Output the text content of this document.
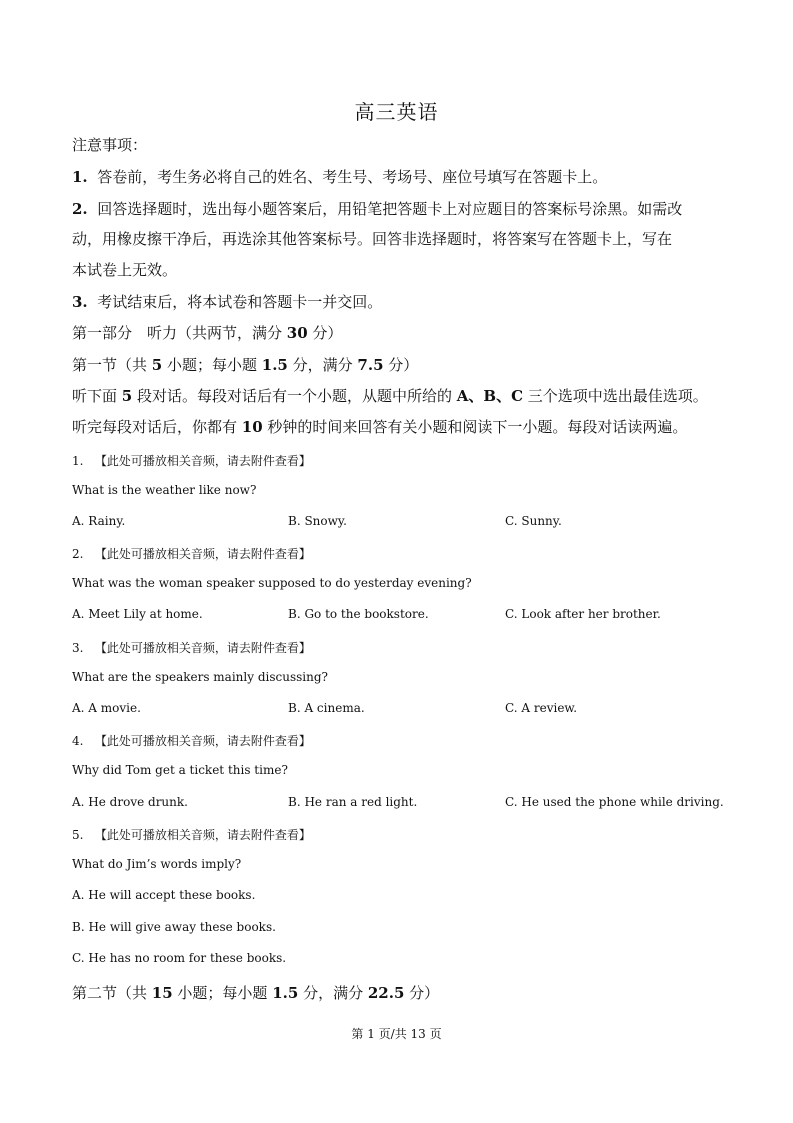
高三英语
注意事项：
1. 答卷前，考生务必将自己的姓名、考生号、考场号、座位号填写在答题卡上。
2. 回答选择题时，选出每小题答案后，用铅笔把答题卡上对应题目的答案标号涂黑。如需改
动，用橡皮擦干净后，再选涂其他答案标号。回答非选择题时，将答案写在答题卡上，写在
本试卷上无效。
3. 考试结束后，将本试卷和答题卡一并交回。
第一部分　听力（共两节，满分 30 分）
第一节（共 5 小题；每小题 1.5 分，满分 7.5 分）
听下面 5 段对话。每段对话后有一个小题，从题中所给的 A、B、C 三个选项中选出最佳选项。
听完每段对话后，你都有 10 秒钟的时间来回答有关小题和阅读下一小题。每段对话读两遍。
1. 【此处可播放相关音频，请去附件查看】
What is the weather like now?
A. Rainy.	B. Snowy.	C. Sunny.
2. 【此处可播放相关音频，请去附件查看】
What was the woman speaker supposed to do yesterday evening?
A. Meet Lily at home.	B. Go to the bookstore.	C. Look after her brother.
3. 【此处可播放相关音频，请去附件查看】
What are the speakers mainly discussing?
A. A movie.	B. A cinema.	C. A review.
4. 【此处可播放相关音频，请去附件查看】
Why did Tom get a ticket this time?
A. He drove drunk.	B. He ran a red light.	C. He used the phone while driving.
5. 【此处可播放相关音频，请去附件查看】
What do Jim’s words imply?
A. He will accept these books.
B. He will give away these books.
C. He has no room for these books.
第二节（共 15 小题；每小题 1.5 分，满分 22.5 分）
第 1 页/共 13 页
